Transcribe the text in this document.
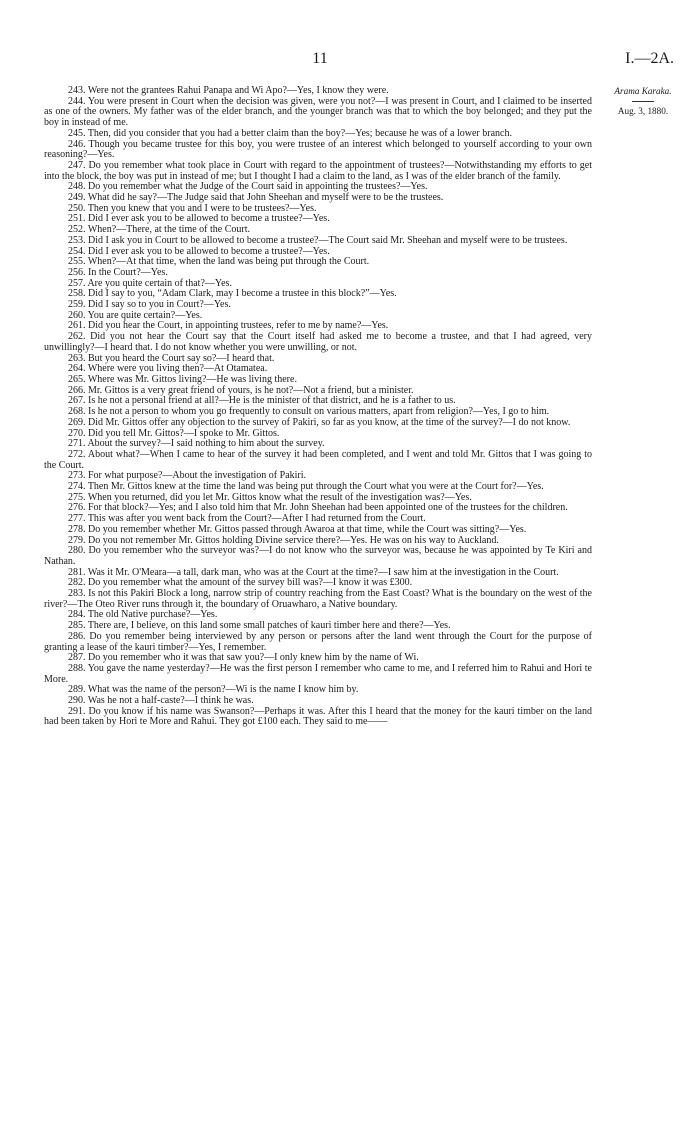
11	I.—2A.
Arama Karaka.
Aug. 3, 1880.

243. Were not the grantees Rahui Panapa and Wi Apo?—Yes, I know they were.

244. You were present in Court when the decision was given, were you not?—I was present in Court, and I claimed to be inserted as one of the owners. My father was of the elder branch, and the younger branch was that to which the boy belonged; and they put the boy in instead of me.

245. Then, did you consider that you had a better claim than the boy?—Yes; because he was of a lower branch.

246. Though you became trustee for this boy, you were trustee of an interest which belonged to yourself according to your own reasoning?—Yes.

247. Do you remember what took place in Court with regard to the appointment of trustees?—Notwithstanding my efforts to get into the block, the boy was put in instead of me; but I thought I had a claim to the land, as I was of the elder branch of the family.

248. Do you remember what the Judge of the Court said in appointing the trustees?—Yes.

249. What did he say?—The Judge said that John Sheehan and myself were to be the trustees.

250. Then you knew that you and I were to be trustees?—Yes.

251. Did I ever ask you to be allowed to become a trustee?—Yes.

252. When?—There, at the time of the Court.

253. Did I ask you in Court to be allowed to become a trustee?—The Court said Mr. Sheehan and myself were to be trustees.

254. Did I ever ask you to be allowed to become a trustee?—Yes.

255. When?—At that time, when the land was being put through the Court.

256. In the Court?—Yes.

257. Are you quite certain of that?—Yes.

258. Did I say to you, “Adam Clark, may I become a trustee in this block?”—Yes.

259. Did I say so to you in Court?—Yes.

260. You are quite certain?—Yes.

261. Did you hear the Court, in appointing trustees, refer to me by name?—Yes.

262. Did you not hear the Court say that the Court itself had asked me to become a trustee, and that I had agreed, very unwillingly?—I heard that. I do not know whether you were unwilling, or not.

263. But you heard the Court say so?—I heard that.

264. Where were you living then?—At Otamatea.

265. Where was Mr. Gittos living?—He was living there.

266. Mr. Gittos is a very great friend of yours, is he not?—Not a friend, but a minister.

267. Is he not a personal friend at all?—He is the minister of that district, and he is a father to us.

268. Is he not a person to whom you go frequently to consult on various matters, apart from religion?—Yes, I go to him.

269. Did Mr. Gittos offer any objection to the survey of Pakiri, so far as you know, at the time of the survey?—I do not know.

270. Did you tell Mr. Gittos?—I spoke to Mr. Gittos.

271. About the survey?—I said nothing to him about the survey.

272. About what?—When I came to hear of the survey it had been completed, and I went and told Mr. Gittos that I was going to the Court.

273. For what purpose?—About the investigation of Pakiri.

274. Then Mr. Gittos knew at the time the land was being put through the Court what you were at the Court for?—Yes.

275. When you returned, did you let Mr. Gittos know what the result of the investigation was?—Yes.

276. For that block?—Yes; and I also told him that Mr. John Sheehan had been appointed one of the trustees for the children.

277. This was after you went back from the Court?—After I had returned from the Court.

278. Do you remember whether Mr. Gittos passed through Awaroa at that time, while the Court was sitting?—Yes.

279. Do you not remember Mr. Gittos holding Divine service there?—Yes. He was on his way to Auckland.

280. Do you remember who the surveyor was?—I do not know who the surveyor was, because he was appointed by Te Kiri and Nathan.

281. Was it Mr. O'Meara—a tall, dark man, who was at the Court at the time?—I saw him at the investigation in the Court.

282. Do you remember what the amount of the survey bill was?—I know it was £300.

283. Is not this Pakiri Block a long, narrow strip of country reaching from the East Coast? What is the boundary on the west of the river?—The Oteo River runs through it, the boundary of Oruawharo, a Native boundary.

284. The old Native purchase?—Yes.

285. There are, I believe, on this land some small patches of kauri timber here and there?—Yes.

286. Do you remember being interviewed by any person or persons after the land went through the Court for the purpose of granting a lease of the kauri timber?—Yes, I remember.

287. Do you remember who it was that saw you?—I only knew him by the name of Wi.

288. You gave the name yesterday?—He was the first person I remember who came to me, and I referred him to Rahui and Hori te More.

289. What was the name of the person?—Wi is the name I know him by.

290. Was he not a half-caste?—I think he was.

291. Do you know if his name was Swanson?—Perhaps it was. After this I heard that the money for the kauri timber on the land had been taken by Hori te More and Rahui. They got £100 each. They said to me——
